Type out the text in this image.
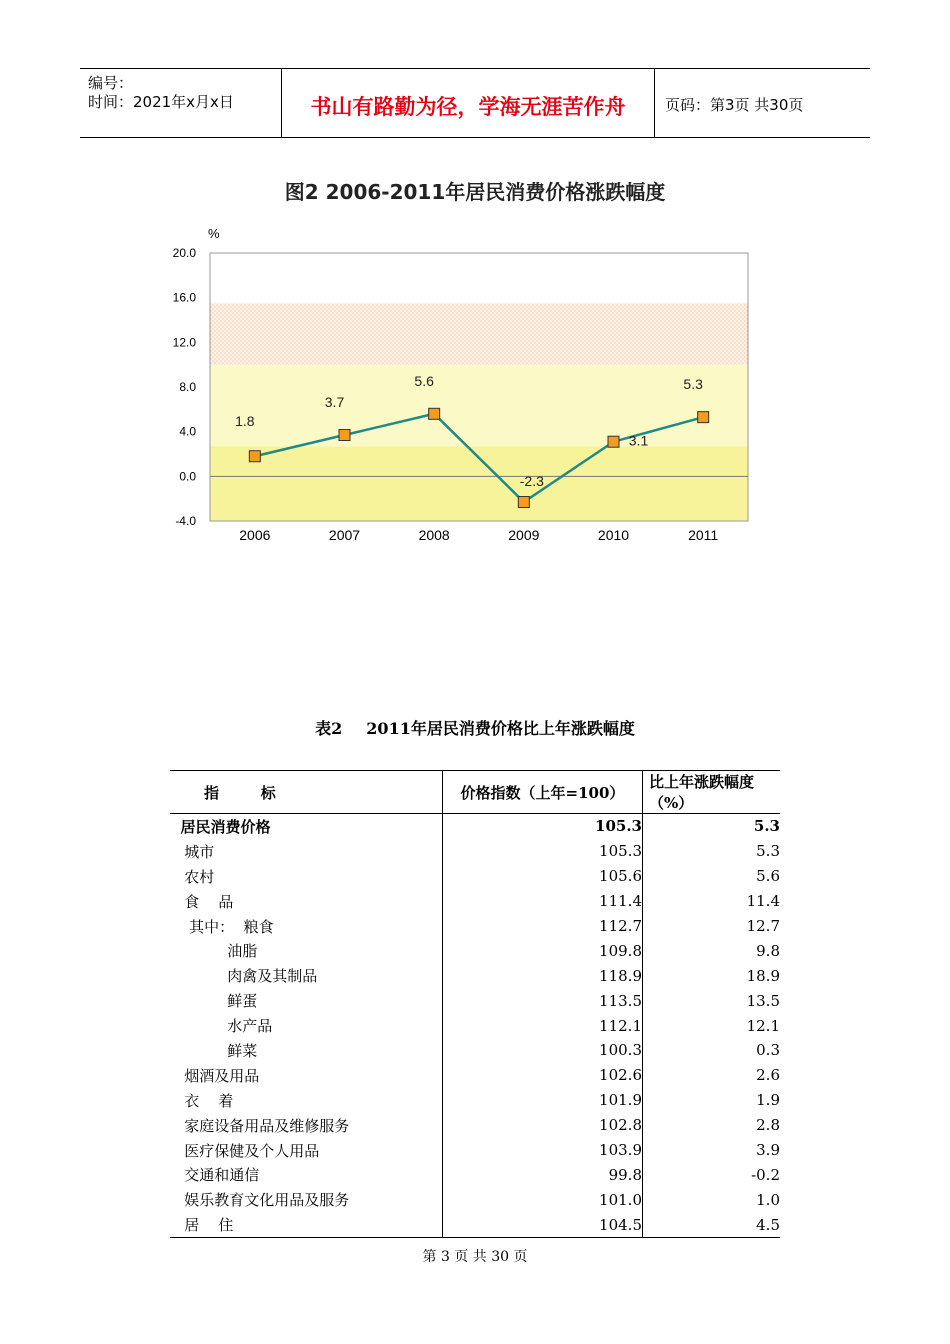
编号：
时间：2021年x月x日	书山有路勤为径，学海无涯苦作舟	页码：第3页 共30页
图2 2006-2011年居民消费价格涨跌幅度
%
20.0
16.0
12.0
8.0
4.0
0.0
-4.0
2006	2007	2008	2009	2010	2011
1.8
3.7
5.6
-2.3
3.1
5.3
表2 2011年居民消费价格比上年涨跌幅度
指        标	价格指数（上年=100）	比上年涨跌幅度（%）
居民消费价格	105.3	5.3
城市	105.3	5.3
农村	105.6	5.6
食    品	111.4	11.4
其中：  粮食	112.7	12.7
油脂	109.8	9.8
肉禽及其制品	118.9	18.9
鲜蛋	113.5	13.5
水产品	112.1	12.1
鲜菜	100.3	0.3
烟酒及用品	102.6	2.6
衣    着	101.9	1.9
家庭设备用品及维修服务	102.8	2.8
医疗保健及个人用品	103.9	3.9
交通和通信	99.8	-0.2
娱乐教育文化用品及服务	101.0	1.0
居    住	104.5	4.5
第 3 页 共 30 页
